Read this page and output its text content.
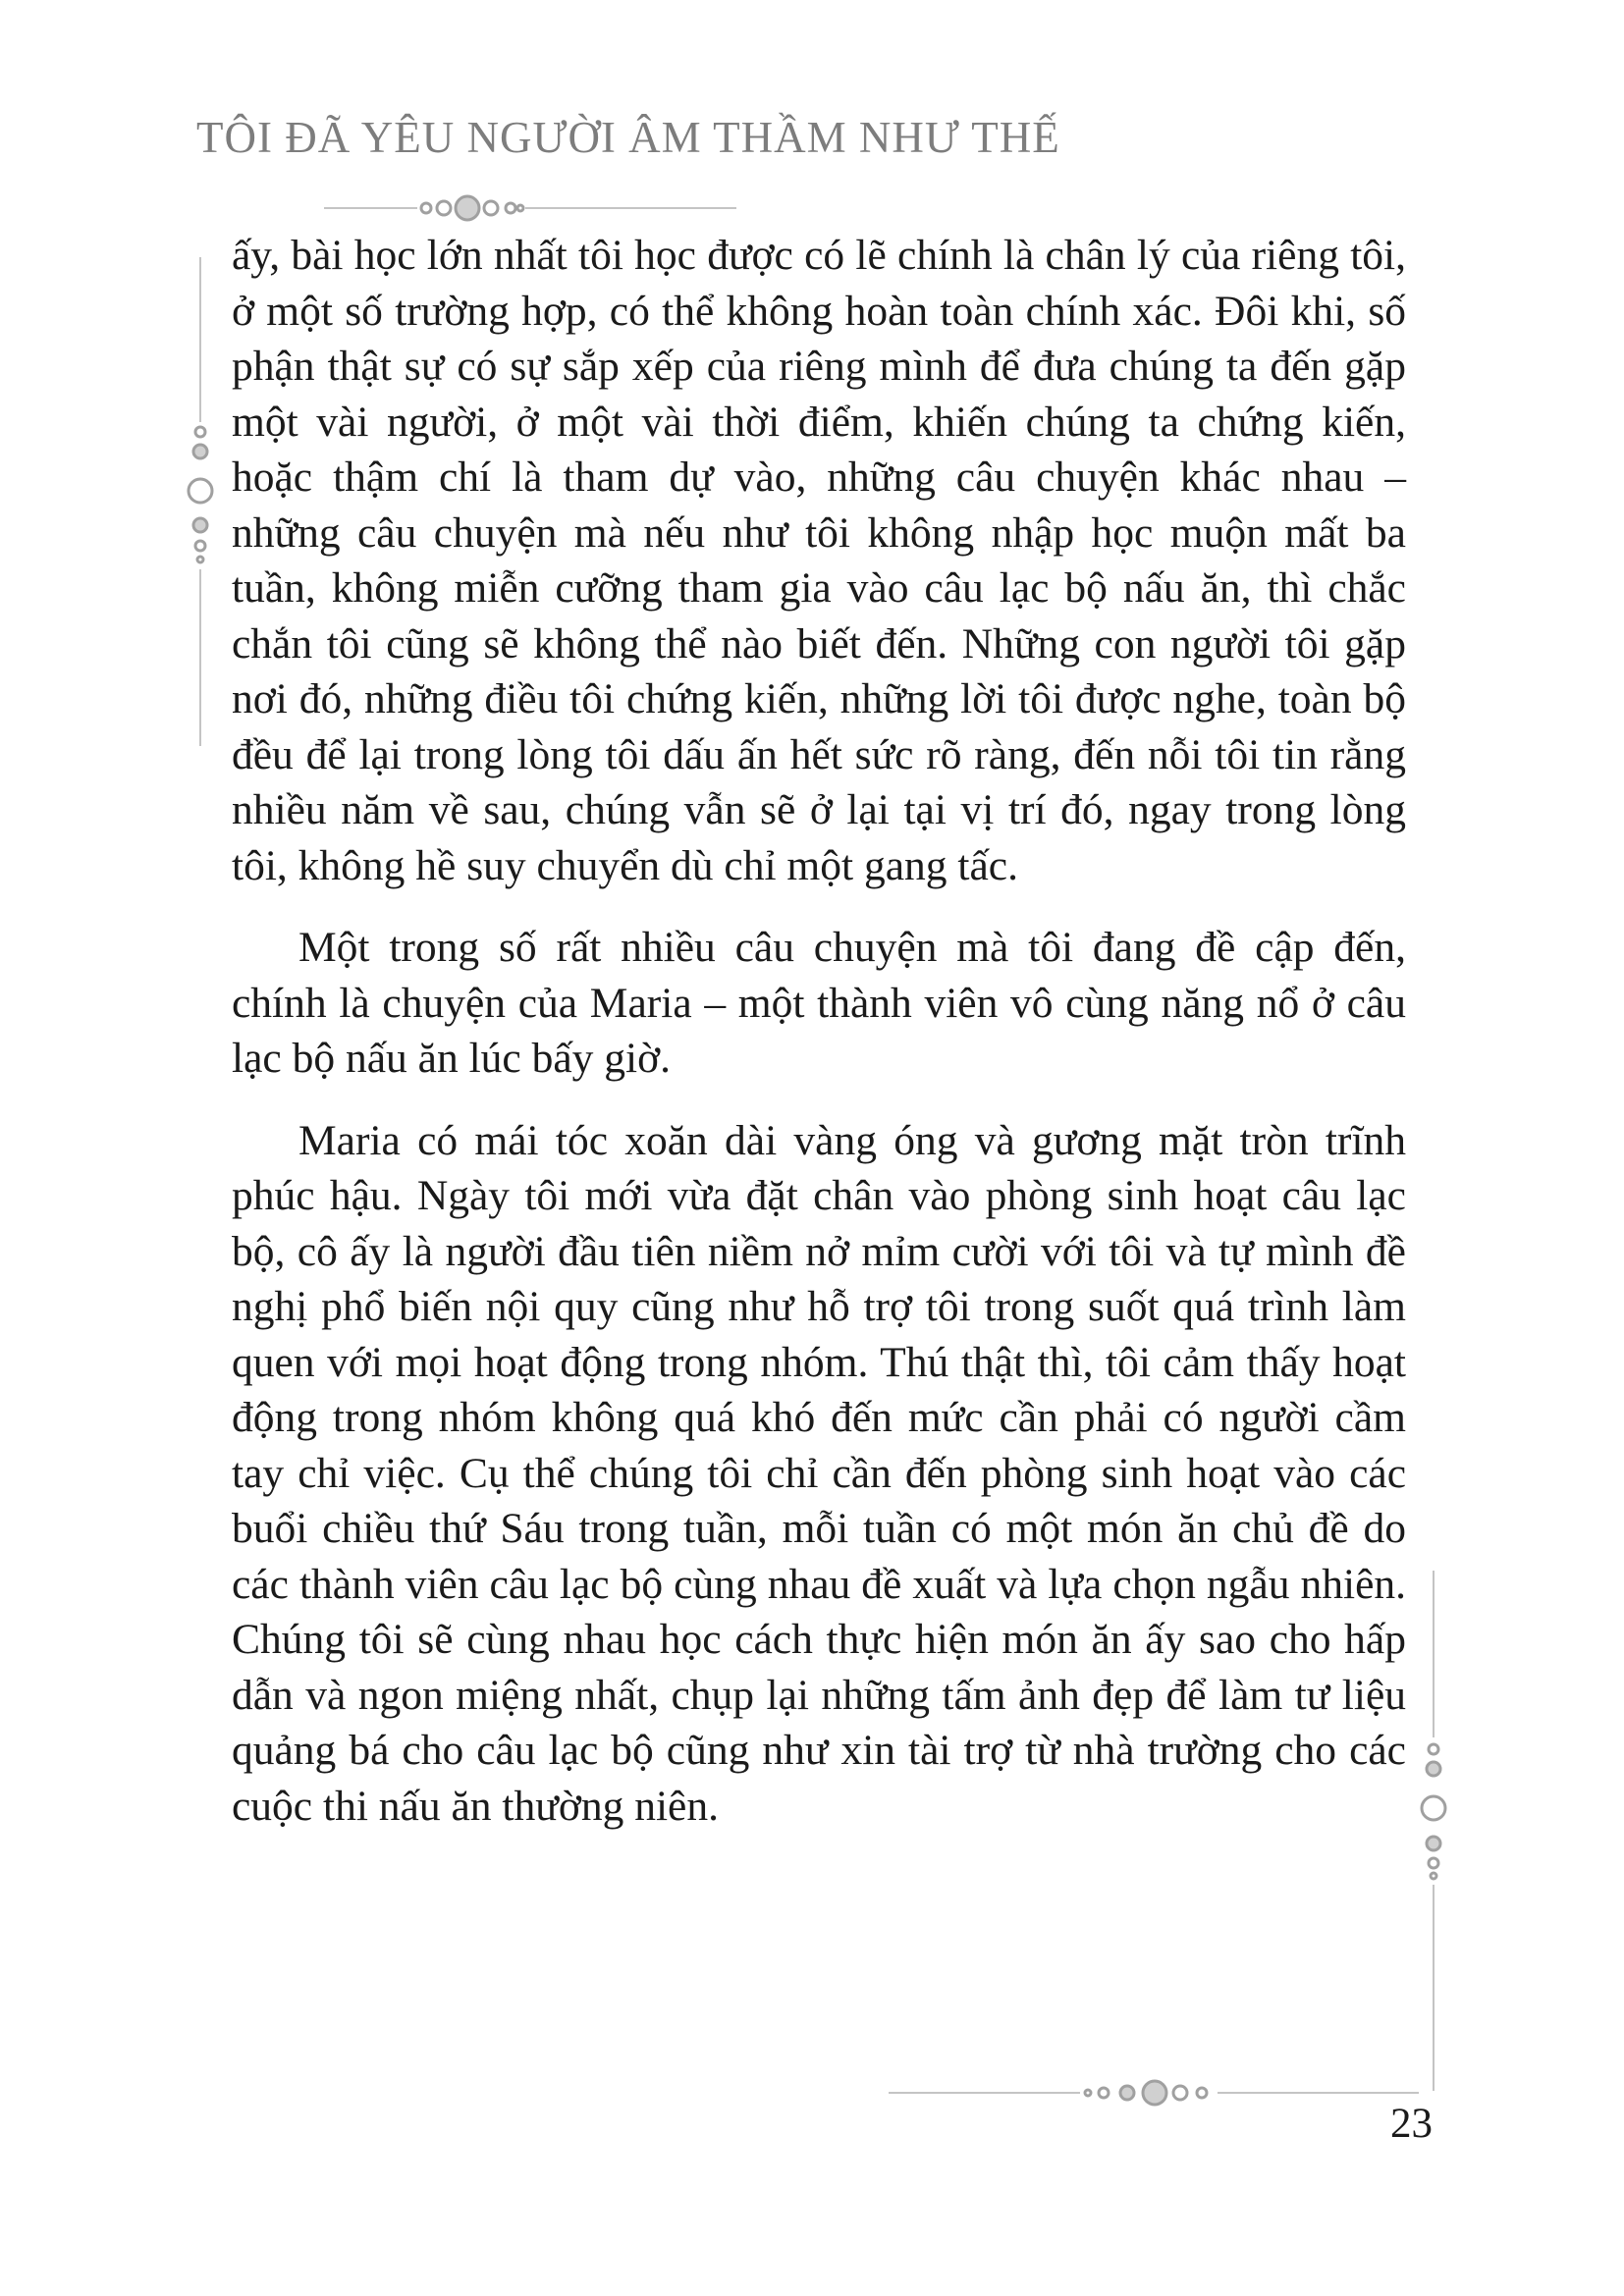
TÔI ĐÃ YÊU NGƯỜI ÂM THẦM NHƯ THẾ

ấy, bài học lớn nhất tôi học được có lẽ chính là chân lý của riêng tôi, ở một số trường hợp, có thể không hoàn toàn chính xác. Đôi khi, số phận thật sự có sự sắp xếp của riêng mình để đưa chúng ta đến gặp một vài người, ở một vài thời điểm, khiến chúng ta chứng kiến, hoặc thậm chí là tham dự vào, những câu chuyện khác nhau – những câu chuyện mà nếu như tôi không nhập học muộn mất ba tuần, không miễn cưỡng tham gia vào câu lạc bộ nấu ăn, thì chắc chắn tôi cũng sẽ không thể nào biết đến. Những con người tôi gặp nơi đó, những điều tôi chứng kiến, những lời tôi được nghe, toàn bộ đều để lại trong lòng tôi dấu ấn hết sức rõ ràng, đến nỗi tôi tin rằng nhiều năm về sau, chúng vẫn sẽ ở lại tại vị trí đó, ngay trong lòng tôi, không hề suy chuyển dù chỉ một gang tấc.

Một trong số rất nhiều câu chuyện mà tôi đang đề cập đến, chính là chuyện của Maria – một thành viên vô cùng năng nổ ở câu lạc bộ nấu ăn lúc bấy giờ.

Maria có mái tóc xoăn dài vàng óng và gương mặt tròn trĩnh phúc hậu. Ngày tôi mới vừa đặt chân vào phòng sinh hoạt câu lạc bộ, cô ấy là người đầu tiên niềm nở mỉm cười với tôi và tự mình đề nghị phổ biến nội quy cũng như hỗ trợ tôi trong suốt quá trình làm quen với mọi hoạt động trong nhóm. Thú thật thì, tôi cảm thấy hoạt động trong nhóm không quá khó đến mức cần phải có người cầm tay chỉ việc. Cụ thể chúng tôi chỉ cần đến phòng sinh hoạt vào các buổi chiều thứ Sáu trong tuần, mỗi tuần có một món ăn chủ đề do các thành viên câu lạc bộ cùng nhau đề xuất và lựa chọn ngẫu nhiên. Chúng tôi sẽ cùng nhau học cách thực hiện món ăn ấy sao cho hấp dẫn và ngon miệng nhất, chụp lại những tấm ảnh đẹp để làm tư liệu quảng bá cho câu lạc bộ cũng như xin tài trợ từ nhà trường cho các cuộc thi nấu ăn thường niên.

23
